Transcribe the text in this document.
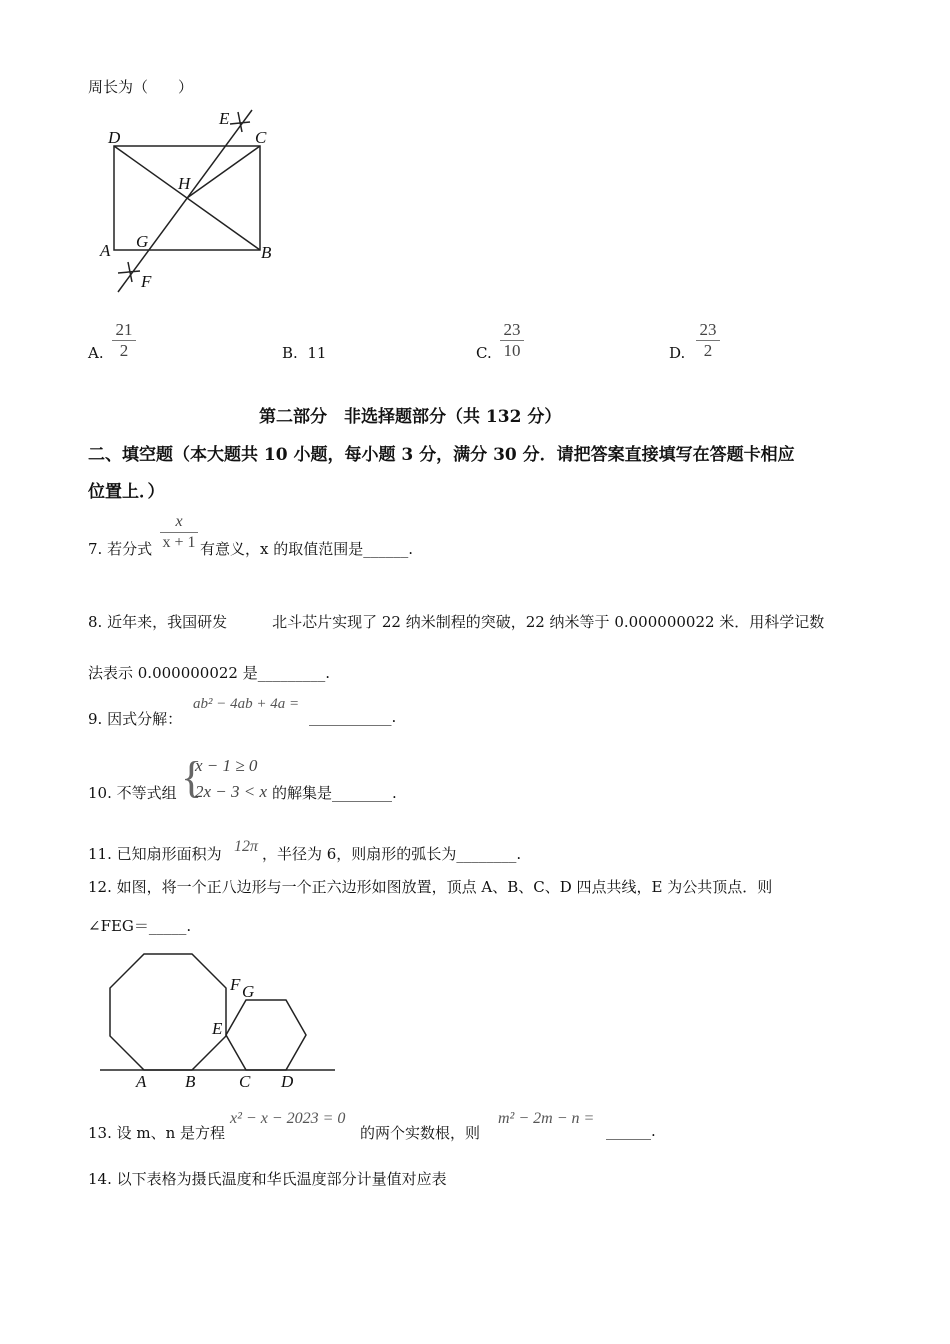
周长为（　　）
E
D	C
H
G
A	B
F
A. $\frac{21}{2}$	B. 11	C. $\frac{23}{10}$	D. $\frac{23}{2}$
第二部分　非选择题部分（共 132 分）
二、填空题（本大题共 10 小题，每小题 3 分，满分 30 分．请把答案直接填写在答题卡相应
位置上．）
7. 若分式 $\frac{x}{x + 1}$ 有意义，x 的取值范围是______.
8. 近年来，我国研发　　　北斗芯片实现了 22 纳米制程的突破，22 纳米等于 0.000000022 米．用科学记数
法表示 0.000000022 是_________.
9. 因式分解：
ab² − 4ab + 4a =
___________.
10. 不等式组 {
x − 1 ≥ 0
2x − 3 < x 的解集是________.
11. 已知扇形面积为 12π ，半径为 6，则扇形的弧长为________.
12. 如图，将一个正八边形与一个正六边形如图放置，顶点 A、B、C、D 四点共线，E 为公共顶点．则
∠FEG＝_____.
F G
E
A B	C D
13. 设 m、n 是方程
x² − x − 2023 = 0
的两个实数根，则
m² − 2m − n =
______.
14. 以下表格为摄氏温度和华氏温度部分计量值对应表
